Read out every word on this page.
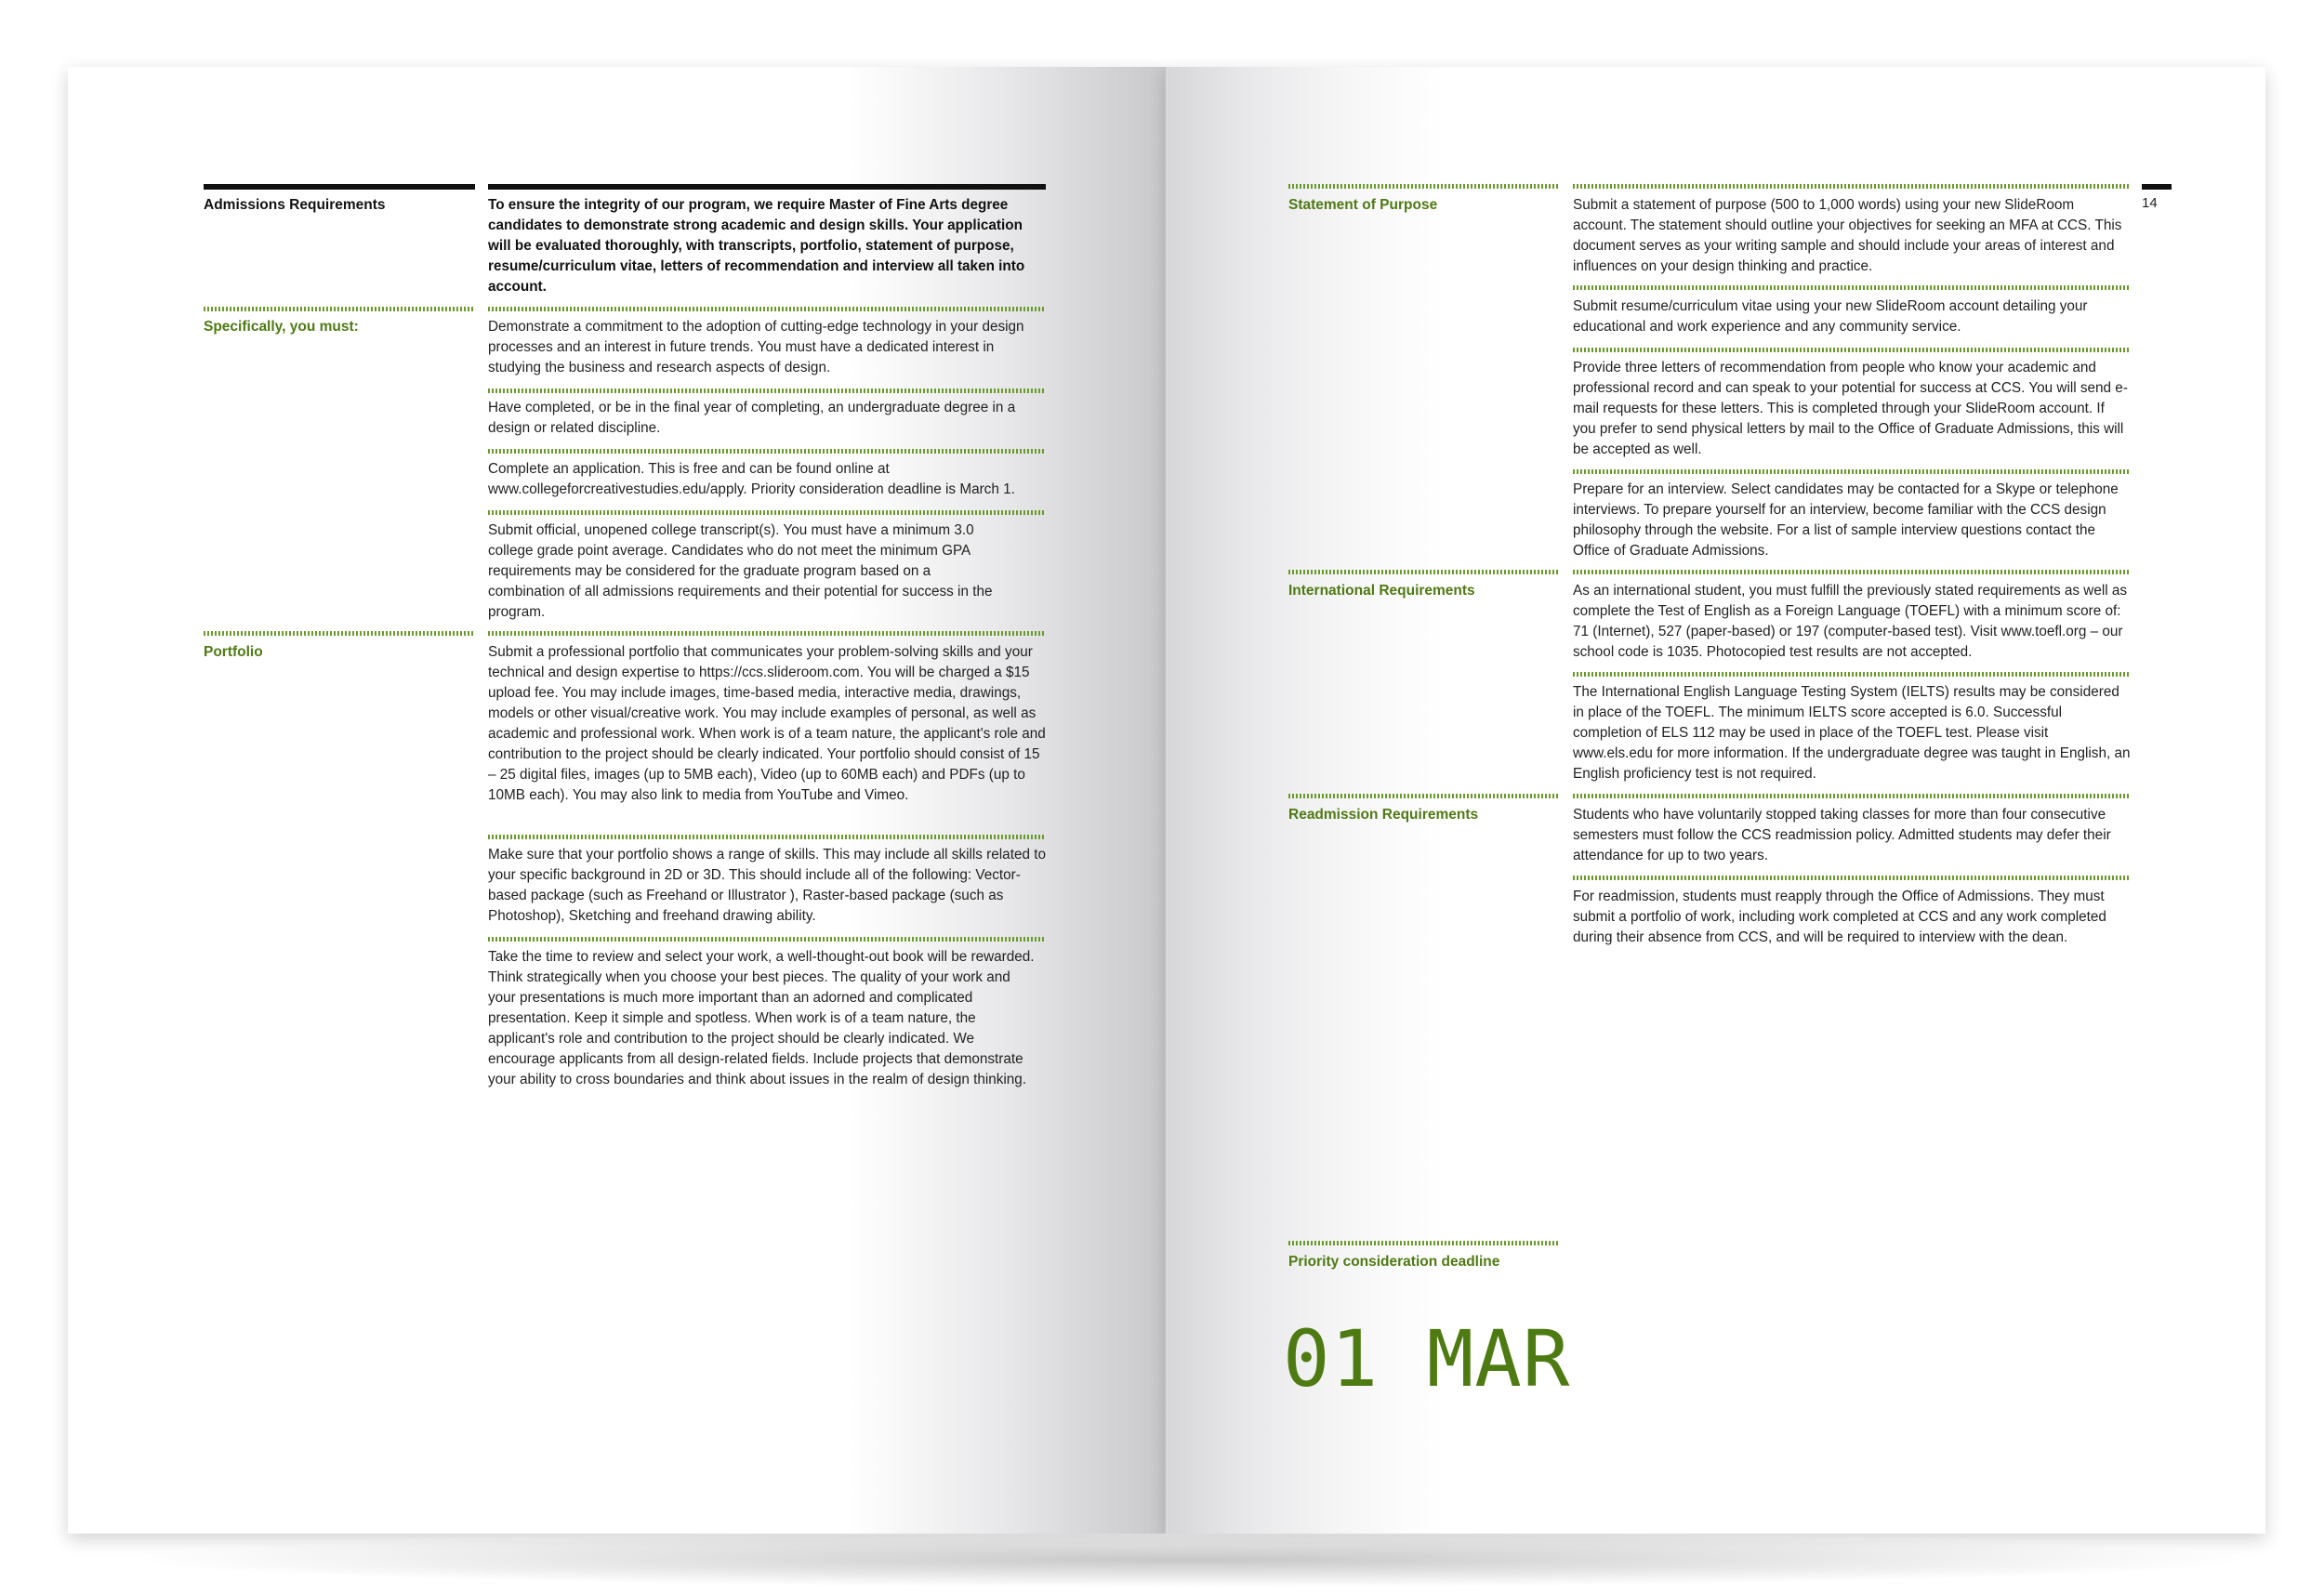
Admissions Requirements	To ensure the integrity of our program, we require Master of Fine Arts degree candidates to demonstrate strong academic and design skills. Your application will be evaluated thoroughly, with transcripts, portfolio, statement of purpose, resume/curriculum vitae, letters of recommendation and interview all taken into account.
Specifically, you must:	Demonstrate a commitment to the adoption of cutting-edge technology in your design processes and an interest in future trends. You must have a dedicated interest in studying the business and research aspects of design.
Have completed, or be in the final year of completing, an undergraduate degree in a design or related discipline.
Complete an application. This is free and can be found online at www.collegeforcreativestudies.edu/apply. Priority consideration deadline is March 1.
Submit official, unopened college transcript(s). You must have a minimum 3.0 college grade point average. Candidates who do not meet the minimum GPA requirements may be considered for the graduate program based on a combination of all admissions requirements and their potential for success in the program.
Portfolio	Submit a professional portfolio that communicates your problem-solving skills and your technical and design expertise to https://ccs.slideroom.com. You will be charged a $15 upload fee. You may include images, time-based media, interactive media, drawings, models or other visual/creative work. You may include examples of personal, as well as academic and professional work. When work is of a team nature, the applicant's role and contribution to the project should be clearly indicated. Your portfolio should consist of 15 – 25 digital files, images (up to 5MB each), Video (up to 60MB each) and PDFs (up to 10MB each). You may also link to media from YouTube and Vimeo.
Make sure that your portfolio shows a range of skills. This may include all skills related to your specific background in 2D or 3D. This should include all of the following: Vector-based package (such as Freehand or Illustrator ), Raster-based package (such as Photoshop), Sketching and freehand drawing ability.
Take the time to review and select your work, a well-thought-out book will be rewarded. Think strategically when you choose your best pieces. The quality of your work and your presentations is much more important than an adorned and complicated presentation. Keep it simple and spotless. When work is of a team nature, the applicant's role and contribution to the project should be clearly indicated. We encourage applicants from all design-related fields. Include projects that demonstrate your ability to cross boundaries and think about issues in the realm of design thinking.
14
Statement of Purpose	Submit a statement of purpose (500 to 1,000 words) using your new SlideRoom account. The statement should outline your objectives for seeking an MFA at CCS. This document serves as your writing sample and should include your areas of interest and influences on your design thinking and practice.
Submit resume/curriculum vitae using your new SlideRoom account detailing your educational and work experience and any community service.
Provide three letters of recommendation from people who know your academic and professional record and can speak to your potential for success at CCS. You will send e-mail requests for these letters. This is completed through your SlideRoom account. If you prefer to send physical letters by mail to the Office of Graduate Admissions, this will be accepted as well.
Prepare for an interview. Select candidates may be contacted for a Skype or telephone interviews. To prepare yourself for an interview, become familiar with the CCS design philosophy through the website. For a list of sample interview questions contact the Office of Graduate Admissions.
International Requirements	As an international student, you must fulfill the previously stated requirements as well as complete the Test of English as a Foreign Language (TOEFL) with a minimum score of: 71 (Internet), 527 (paper-based) or 197 (computer-based test). Visit www.toefl.org – our school code is 1035. Photocopied test results are not accepted.
The International English Language Testing System (IELTS) results may be considered in place of the TOEFL. The minimum IELTS score accepted is 6.0. Successful completion of ELS 112 may be used in place of the TOEFL test. Please visit www.els.edu for more information. If the undergraduate degree was taught in English, an English proficiency test is not required.
Readmission Requirements	Students who have voluntarily stopped taking classes for more than four consecutive semesters must follow the CCS readmission policy. Admitted students may defer their attendance for up to two years.
For readmission, students must reapply through the Office of Admissions. They must submit a portfolio of work, including work completed at CCS and any work completed during their absence from CCS, and will be required to interview with the dean.
Priority consideration deadline
01 MAR
